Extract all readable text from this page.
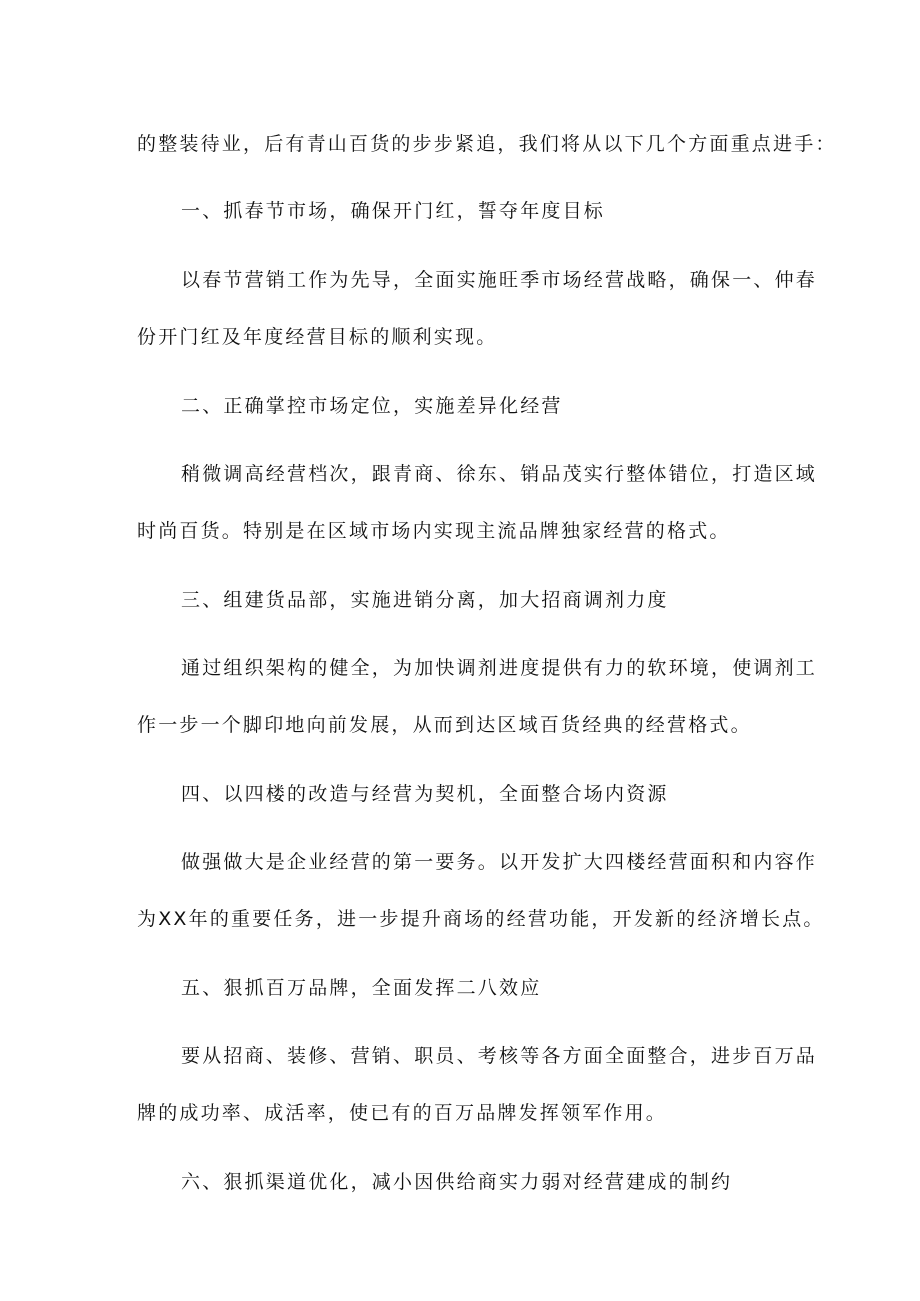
的整装待业，后有青山百货的步步紧追，我们将从以下几个方面重点进手：
一、抓春节市场，确保开门红，誓夺年度目标
以春节营销工作为先导，全面实施旺季市场经营战略，确保一、仲春
份开门红及年度经营目标的顺利实现。
二、正确掌控市场定位，实施差异化经营
稍微调高经营档次，跟青商、徐东、销品茂实行整体错位，打造区域
时尚百货。特别是在区域市场内实现主流品牌独家经营的格式。
三、组建货品部，实施进销分离，加大招商调剂力度
通过组织架构的健全，为加快调剂进度提供有力的软环境，使调剂工
作一步一个脚印地向前发展，从而到达区域百货经典的经营格式。
四、以四楼的改造与经营为契机，全面整合场内资源
做强做大是企业经营的第一要务。以开发扩大四楼经营面积和内容作
为XX年的重要任务，进一步提升商场的经营功能，开发新的经济增长点。
五、狠抓百万品牌，全面发挥二八效应
要从招商、装修、营销、职员、考核等各方面全面整合，进步百万品
牌的成功率、成活率，使已有的百万品牌发挥领军作用。
六、狠抓渠道优化，减小因供给商实力弱对经营建成的制约
